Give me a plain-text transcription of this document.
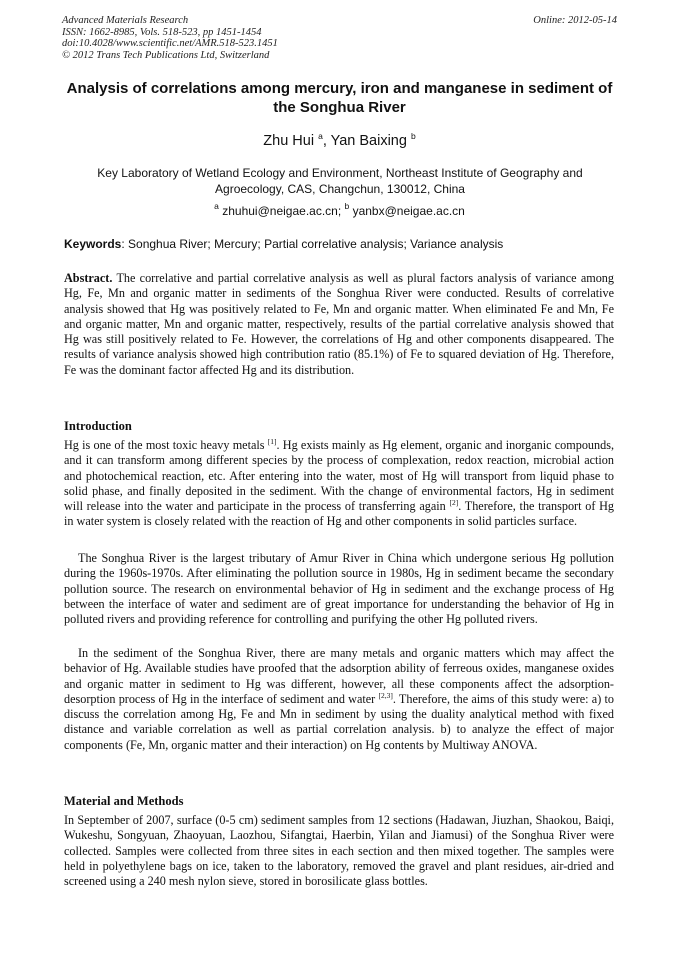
Advanced Materials Research
ISSN: 1662-8985, Vols. 518-523, pp 1451-1454
doi:10.4028/www.scientific.net/AMR.518-523.1451
© 2012 Trans Tech Publications Ltd, Switzerland
Online: 2012-05-14
Analysis of correlations among mercury, iron and manganese in sediment of the Songhua River
Zhu Hui $^a$, Yan Baixing $^b$
Key Laboratory of Wetland Ecology and Environment, Northeast Institute of Geography and Agroecology, CAS, Changchun, 130012, China
$^a$ zhuhui@neigae.ac.cn; $^b$ yanbx@neigae.ac.cn
Keywords: Songhua River; Mercury; Partial correlative analysis; Variance analysis

Abstract. The correlative and partial correlative analysis as well as plural factors analysis of variance among Hg, Fe, Mn and organic matter in sediments of the Songhua River were conducted. Results of correlative analysis showed that Hg was positively related to Fe, Mn and organic matter. When eliminated Fe and Mn, Fe and organic matter, Mn and organic matter, respectively, results of the partial correlative analysis showed that Hg was still positively related to Fe. However, the correlations of Hg and other components disappeared. The results of variance analysis showed high contribution ratio (85.1%) of Fe to squared deviation of Hg. Therefore, Fe was the dominant factor affected Hg and its distribution.

Introduction

Hg is one of the most toxic heavy metals [1]. Hg exists mainly as Hg element, organic and inorganic compounds, and it can transform among different species by the process of complexation, redox reaction, microbial action and photochemical reaction, etc. After entering into the water, most of Hg will transport from liquid phase to solid phase, and finally deposited in the sediment. With the change of environmental factors, Hg in sediment will release into the water and participate in the process of transferring again [2]. Therefore, the transport of Hg in water system is closely related with the reaction of Hg and other components in solid particles surface.

The Songhua River is the largest tributary of Amur River in China which undergone serious Hg pollution during the 1960s-1970s. After eliminating the pollution source in 1980s, Hg in sediment became the secondary pollution source. The research on environmental behavior of Hg in sediment and the exchange process of Hg between the interface of water and sediment are of great importance for understanding the behavior of Hg in polluted rivers and providing reference for controlling and purifying the other Hg polluted rivers.

In the sediment of the Songhua River, there are many metals and organic matters which may affect the behavior of Hg. Available studies have proofed that the adsorption ability of ferreous oxides, manganese oxides and organic matter in sediment to Hg was different, however, all these components affect the adsorption-desorption process of Hg in the interface of sediment and water [2,3]. Therefore, the aims of this study were: a) to discuss the correlation among Hg, Fe and Mn in sediment by using the duality analytical method with fixed distance and variable correlation as well as partial correlation analysis. b) to analyze the effect of major components (Fe, Mn, organic matter and their interaction) on Hg contents by Multiway ANOVA.

Material and Methods

In September of 2007, surface (0-5 cm) sediment samples from 12 sections (Hadawan, Jiuzhan, Shaokou, Baiqi, Wukeshu, Songyuan, Zhaoyuan, Laozhou, Sifangtai, Haerbin, Yilan and Jiamusi) of the Songhua River were collected. Samples were collected from three sites in each section and then mixed together. The samples were held in polyethylene bags on ice, taken to the laboratory, removed the gravel and plant residues, air-dried and screened using a 240 mesh nylon sieve, stored in borosilicate glass bottles.
